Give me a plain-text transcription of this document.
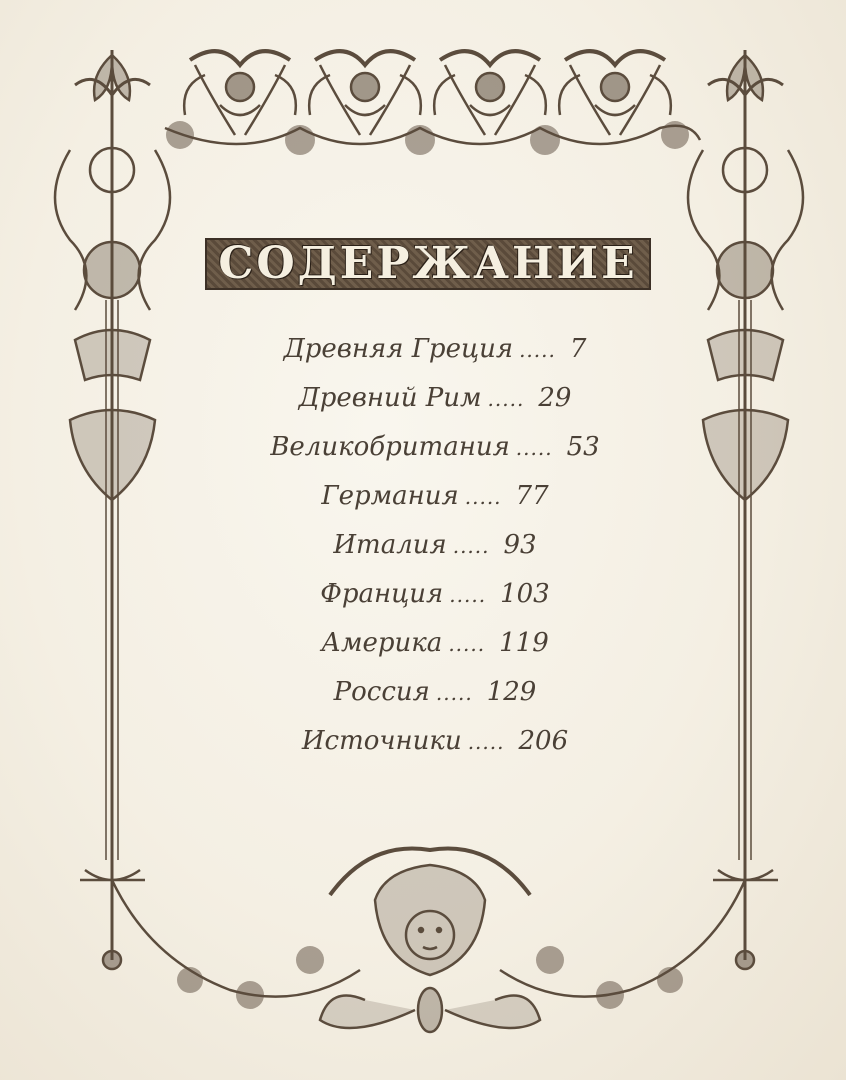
СОДЕРЖАНИЕ
Древняя Греция ..... 7
Древний Рим ..... 29
Великобритания ..... 53
Германия ..... 77
Италия ..... 93
Франция ..... 103
Америка ..... 119
Россия ..... 129
Источники ..... 206
